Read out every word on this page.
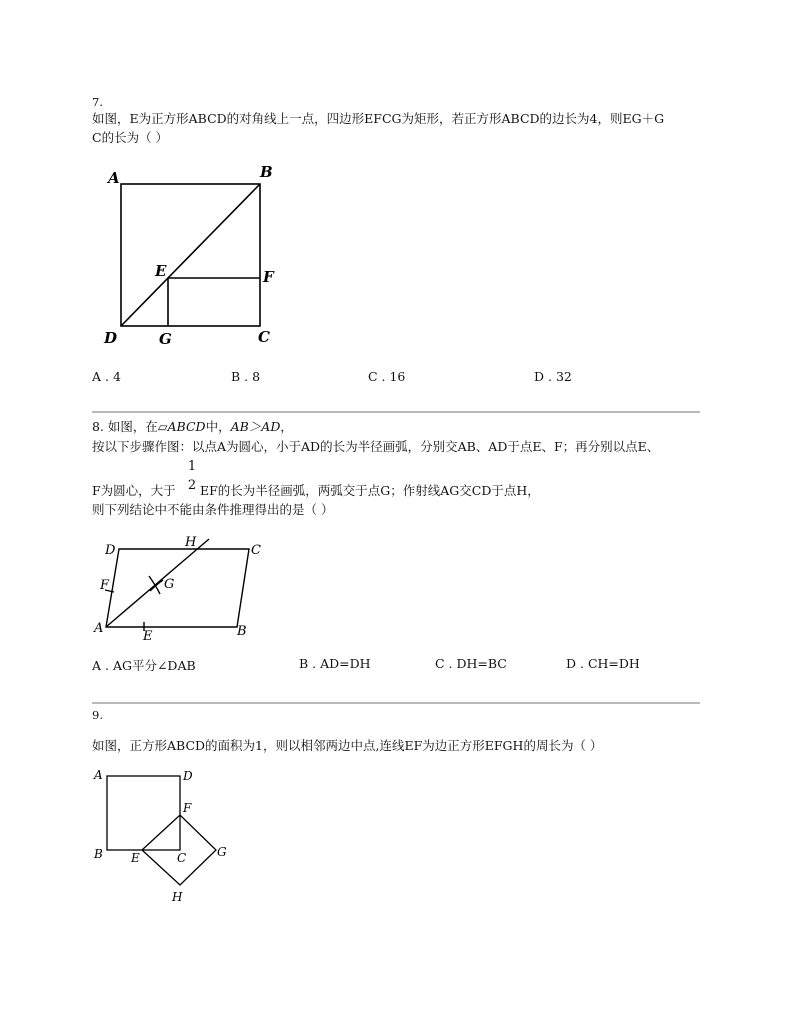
7.
如图，E为正方形ABCD的对角线上一点，四边形EFCG为矩形，若正方形ABCD的边长为4，则EG＋G
C的长为（ ）
A	B
C
D
E	F
G
A . 4	B . 8	C . 16	D . 32
8. 如图，在▱ABCD中，AB＞AD，
按以下步骤作图：以点A为圆心，小于AD的长为半径画弧，分别交AB、AD于点E、F；再分别以点E、
F为圆心，大于
1
2 EF的长为半径画弧，两弧交于点G；作射线AG交CD于点H，
则下列结论中不能由条件推理得出的是（ ）
A	B
C
D
E
F	G
H
A . AG平分∠DAB	B . AD=DH	C . DH=BC	D . CH=DH
9.
如图，正方形ABCD的面积为1，则以相邻两边中点,连线EF为边正方形EFGH的周长为（ ）
A
B	C
D
E
F
G
H
